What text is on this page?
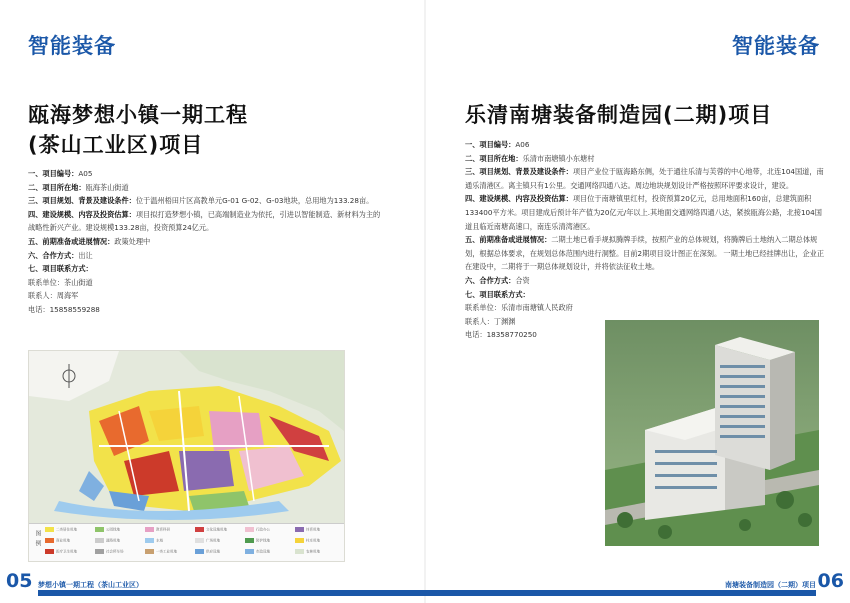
智能装备
瓯海梦想小镇一期工程
(茶山工业区)项目

一、项目编号：A05

二、项目所在地：瓯海茶山街道

三、项目规划、背景及建设条件：位于温州梧田片区高教单元G-01 G-02、G-03地块，总用地为133.28亩。

四、建设规模、内容及投资估算：项目拟打造梦想小镇，已高端制造业为依托，引进以智能制造、新材料为主的战略性新兴产业。建设规模133.28亩，投资预算24亿元。

五、前期准备或进展情况：政策处理中

六、合作方式：出让

七、项目联系方式：

联系单位：茶山街道

联系人：周海军

电话：15858559288

图例
二类居住用地
商业用地
医疗卫生用地
公园绿地
道路用地
社会停车场
教育科研
水域
一类工业用地
文化设施用地
广场用地
供应设施
行政办公
防护绿地
市政设施
体育用地
村庄用地
农林用地
05 梦想小镇一期工程（茶山工业区）
智能装备
乐清南塘装备制造园(二期)项目

一、项目编号：A06

二、项目所在地：乐清市南塘镇小东塘村

三、项目规划、背景及建设条件：项目产业位于瓯海路东侧，处于通往乐清与芙蓉的中心地带，北连104国道，南通乐清港区。离主镇只有1公里。交通网络四通八达。周边地块规划设计严格按照环评要求设计，建设。

四、建设规模、内容及投资估算：项目位于南塘镇里红村，投资预算20亿元，总用地面积160亩，总建筑面积133400平方米。项目建成后预计年产值为20亿元/年以上.其地面交通网络四通八达，紧挨瓯海公路，北接104国道且临近南塘高速口，南连乐清湾港区。

五、前期准备或进展情况：二期土地已看手规拟腾牌手续，按照产业的总体规划，将腾牌后土地纳入二期总体规划，根据总体要求，在规划总体范围内进行洞整。目前2期项目设计图正在深刻。 一期土地已经挂牌出让，企业正在建设中，二期将于一期总体规划设计，并将依法征收土地。

六、合作方式：合资

七、项目联系方式：

联系单位：乐清市南塘镇人民政府

联系人：丁渊渊

电话：18358770250

南塘装备制造园（二期）项目 06
